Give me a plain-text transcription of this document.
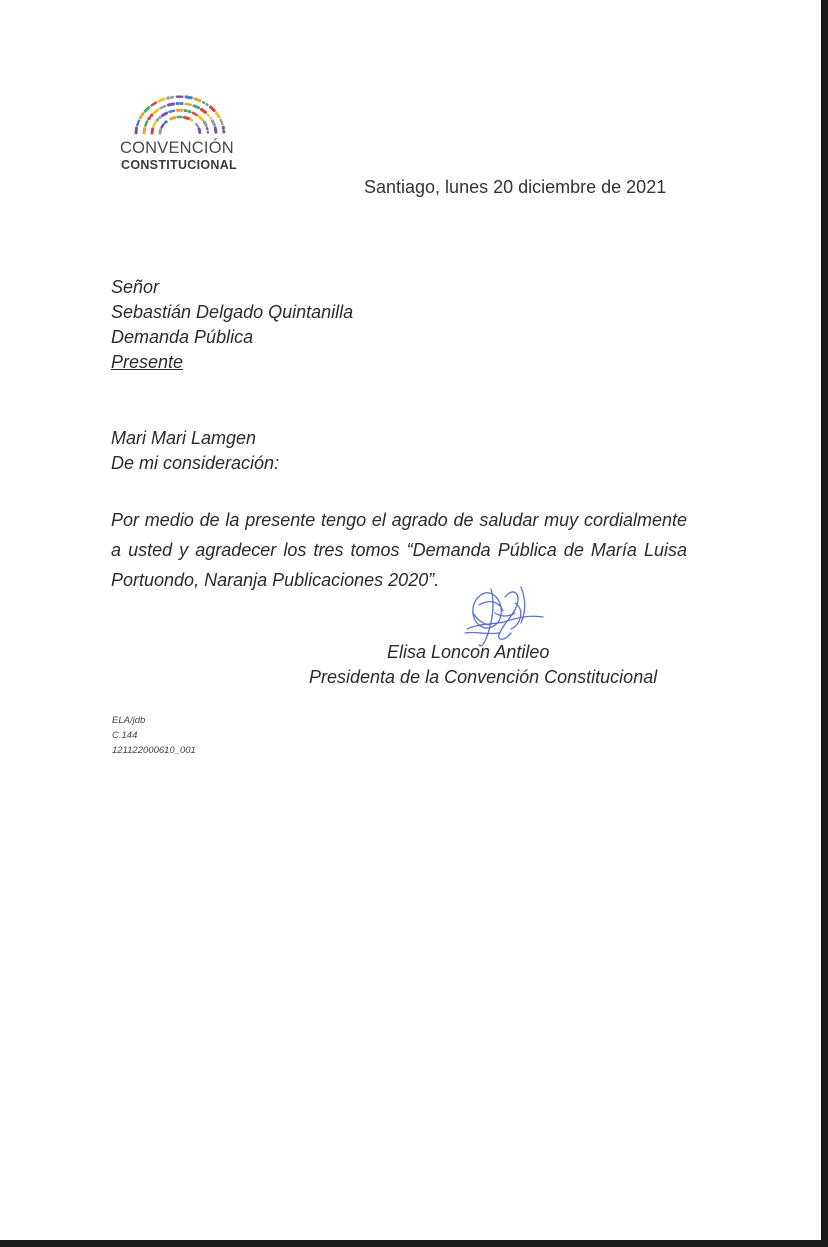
CONVENCIÓN
CONSTITUCIONAL
Santiago, lunes 20 diciembre de 2021
Señor
Sebastián Delgado Quintanilla
Demanda Pública
Presente
Mari Mari Lamgen
De mi consideración:
Por medio de la presente tengo el agrado de saludar muy cordialmente a usted y agradecer los tres tomos “Demanda Pública de María Luisa Portuondo, Naranja Publicaciones 2020”.
Elisa Loncon Antileo
Presidenta de la Convención Constitucional
ELA/jdb
C.144
121122000610_001
